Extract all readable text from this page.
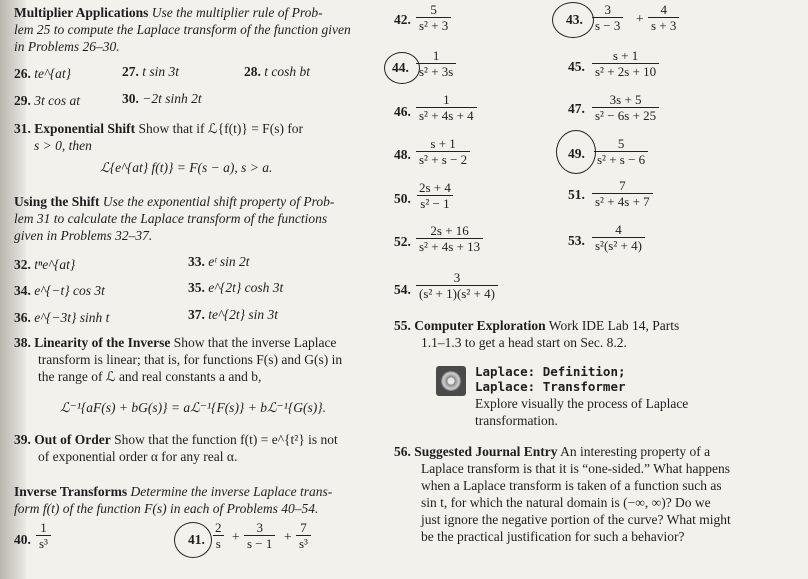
Multiplier Applications Use the multiplier rule of Prob-
lem 25 to compute the Laplace transform of the function given
in Problems 26–30.
26. te^{at}	27. t sin 3t	28. t cosh bt
29. 3t cos at	30. −2t sinh 2t
31. Exponential Shift Show that if ℒ{f(t)} = F(s) for
s > 0, then
ℒ{e^{at} f(t)} = F(s − a), s > a.
Using the Shift Use the exponential shift property of Prob-
lem 31 to calculate the Laplace transform of the functions
given in Problems 32–37.
32. tⁿe^{at}	33. eᵗ sin 2t
34. e^{−t} cos 3t	35. e^{2t} cosh 3t
36. e^{−3t} sinh t	37. te^{2t} sin 3t
38. Linearity of the Inverse Show that the inverse Laplace
transform is linear; that is, for functions F(s) and G(s) in
the range of ℒ and real constants a and b,
ℒ⁻¹{aF(s) + bG(s)} = aℒ⁻¹{F(s)} + bℒ⁻¹{G(s)}.
39. Out of Order Show that the function f(t) = e^{t²} is not
of exponential order α for any real α.
Inverse Transforms Determine the inverse Laplace trans-
form f(t) of the function F(s) in each of Problems 40–54.
40. $\frac{1}{\text{s³}}$	41. $\frac{2}{s} + \frac{3}{s - 1} + \frac{7}{\text{s³}}$
42. $\frac{5}{\text{s² + 3}}$	43. $\frac{3}{s - 3} + \frac{4}{s + 3}$
44. $\frac{1}{\text{s² + 3s}}$	45. $\frac{s + 1}{\text{s² + 2s + 10}}$
46. $\frac{1}{\text{s² + 4s + 4}}$	47. $\frac{3s + 5}{\text{s² − 6s + 25}}$
48. $\frac{s + 1}{\text{s² + s − 2}}$	49. $\frac{5}{\text{s² + s − 6}}$
50. $\frac{2s + 4}{\text{s² − 1}}$	51. $\frac{7}{\text{s² + 4s + 7}}$
52. $\frac{2s + 16}{\text{s² + 4s + 13}}$	53. $\frac{4}{\text{s²(s² + 4)}}$
54. $\frac{3}{\text{(s² + 1)(s² + 4)}}$
55. Computer Exploration Work IDE Lab 14, Parts
1.1–1.3 to get a head start on Sec. 8.2.
Laplace: Definition;
Laplace: Transformer
Explore visually the process of Laplace
transformation.
56. Suggested Journal Entry An interesting property of a
Laplace transform is that it is “one-sided.” What happens
when a Laplace transform is taken of a function such as
sin t, for which the natural domain is (−∞, ∞)? Do we
just ignore the negative portion of the curve? What might
be the practical justification for such a behavior?
